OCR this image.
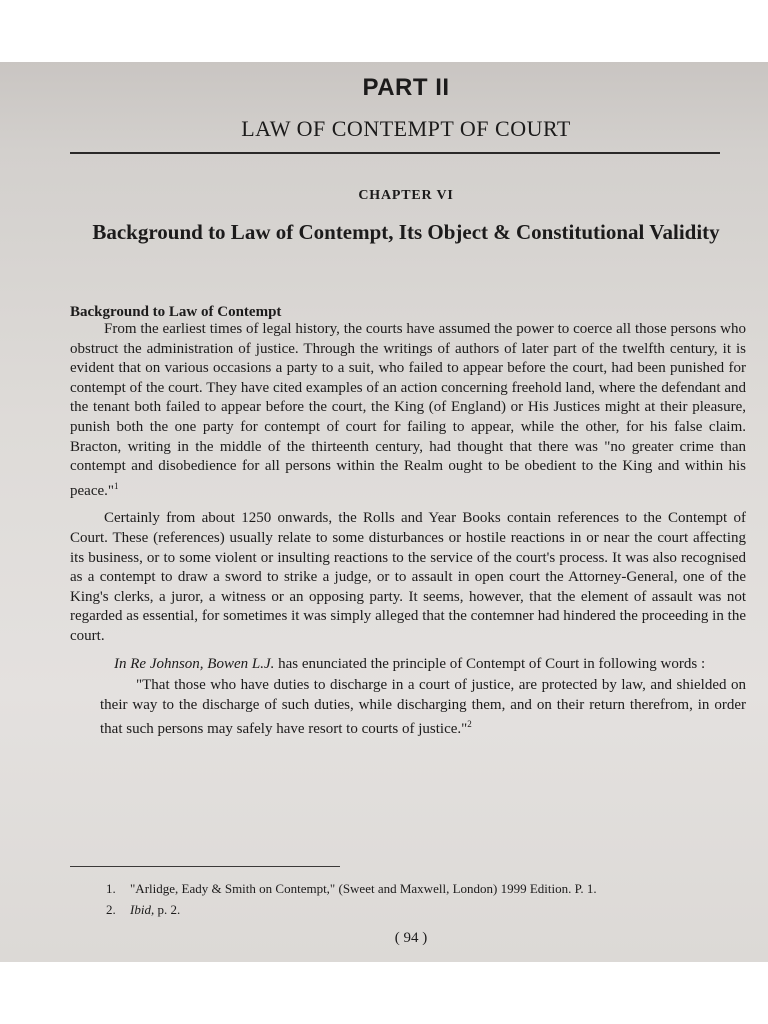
PART II
LAW OF CONTEMPT OF COURT
CHAPTER VI
Background to Law of Contempt, Its Object & Constitutional Validity
Background to Law of Contempt

From the earliest times of legal history, the courts have assumed the power to coerce all those persons who obstruct the administration of justice. Through the writings of authors of later part of the twelfth century, it is evident that on various occasions a party to a suit, who failed to appear before the court, had been punished for contempt of the court. They have cited examples of an action concerning freehold land, where the defendant and the tenant both failed to appear before the court, the King (of England) or His Justices might at their pleasure, punish both the one party for contempt of court for failing to appear, while the other, for his false claim. Bracton, writing in the middle of the thirteenth century, had thought that there was "no greater crime than contempt and disobedience for all persons within the Realm ought to be obedient to the King and within his peace."$^1$

Certainly from about 1250 onwards, the Rolls and Year Books contain references to the Contempt of Court. These (references) usually relate to some disturbances or hostile reactions in or near the court affecting its business, or to some violent or insulting reactions to the service of the court's process. It was also recognised as a contempt to draw a sword to strike a judge, or to assault in open court the Attorney-General, one of the King's clerks, a juror, a witness or an opposing party. It seems, however, that the element of assault was not regarded as essential, for sometimes it was simply alleged that the contemner had hindered the proceeding in the court.

In Re Johnson, Bowen L.J. has enunciated the principle of Contempt of Court in following words :

"That those who have duties to discharge in a court of justice, are protected by law, and shielded on their way to the discharge of such duties, while discharging them, and on their return therefrom, in order that such persons may safely have resort to courts of justice."$^2$

1. "Arlidge, Eady & Smith on Contempt," (Sweet and Maxwell, London) 1999 Edition. P. 1.
2. Ibid, p. 2.
( 94 )
